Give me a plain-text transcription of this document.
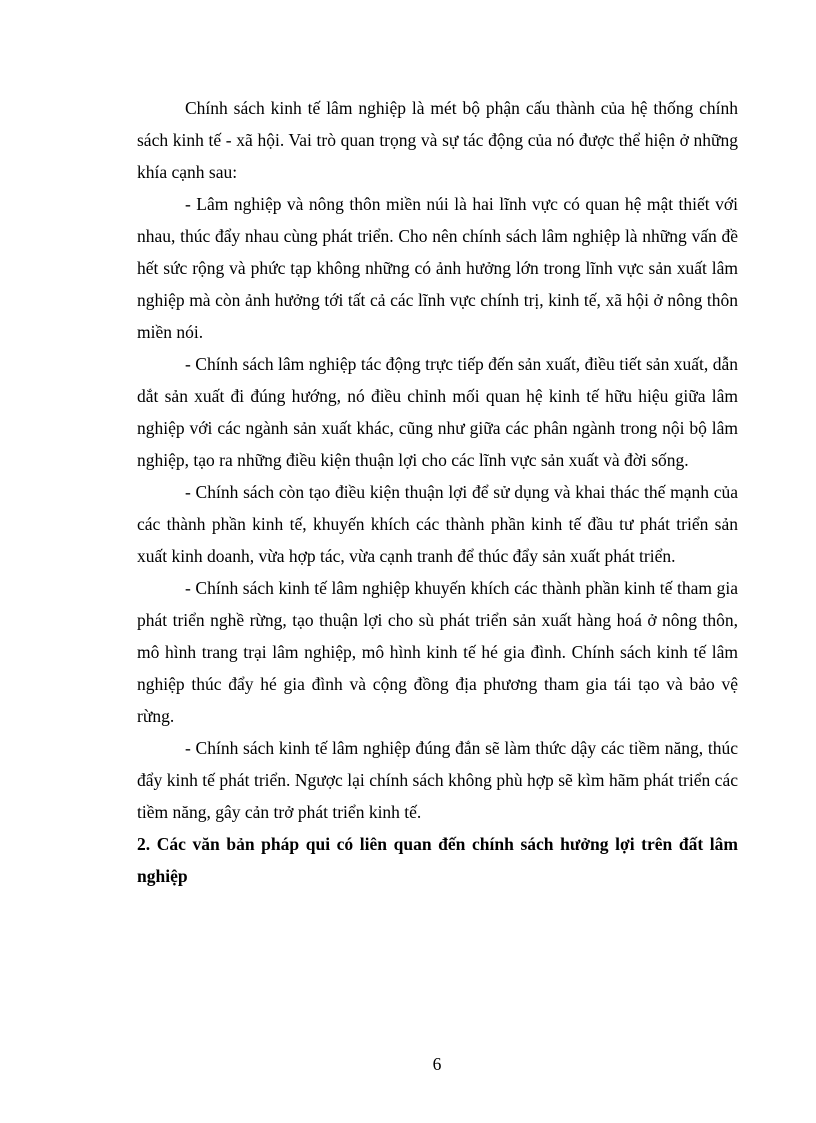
Chính sách kinh tế lâm nghiệp là mét bộ phận cấu thành của hệ thống chính sách kinh tế - xã hội. Vai trò quan trọng và sự tác động của nó được thể hiện ở những khía cạnh sau:

- Lâm nghiệp và nông thôn miền núi là hai lĩnh vực có quan hệ mật thiết với nhau, thúc đẩy nhau cùng phát triển. Cho nên chính sách lâm nghiệp là những vấn đề hết sức rộng và phức tạp không những có ảnh hưởng lớn trong lĩnh vực sản xuất lâm nghiệp mà còn ảnh hưởng tới tất cả các lĩnh vực chính trị, kinh tế, xã hội ở nông thôn miền nói.

- Chính sách lâm nghiệp tác động trực tiếp đến sản xuất, điều tiết sản xuất, dẫn dắt sản xuất đi đúng hướng, nó điều chỉnh mối quan hệ kinh tế hữu hiệu giữa lâm nghiệp với các ngành sản xuất khác, cũng như giữa các phân ngành trong nội bộ lâm nghiệp, tạo ra những điều kiện thuận lợi cho các lĩnh vực sản xuất và đời sống.

- Chính sách còn tạo điều kiện thuận lợi để sử dụng và khai thác thế mạnh của các thành phần kinh tế, khuyến khích các thành phần kinh tế đầu tư phát triển sản xuất kinh doanh, vừa hợp tác, vừa cạnh tranh để thúc đẩy sản xuất phát triển.

- Chính sách kinh tế lâm nghiệp khuyến khích các thành phần kinh tế tham gia phát triển nghề rừng, tạo thuận lợi cho sù phát triển sản xuất hàng hoá ở nông thôn, mô hình trang trại lâm nghiệp, mô hình kinh tế hé gia đình. Chính sách kinh tế lâm nghiệp thúc đẩy hé gia đình và cộng đồng địa phương tham gia tái tạo và bảo vệ rừng.

- Chính sách kinh tế lâm nghiệp đúng đắn sẽ làm thức dậy các tiềm năng, thúc đẩy kinh tế phát triển. Ngược lại chính sách không phù hợp sẽ kìm hãm phát triển các tiềm năng, gây cản trở phát triển kinh tế.

2. Các văn bản pháp qui có liên quan đến chính sách hưởng lợi trên đất lâm nghiệp

6
